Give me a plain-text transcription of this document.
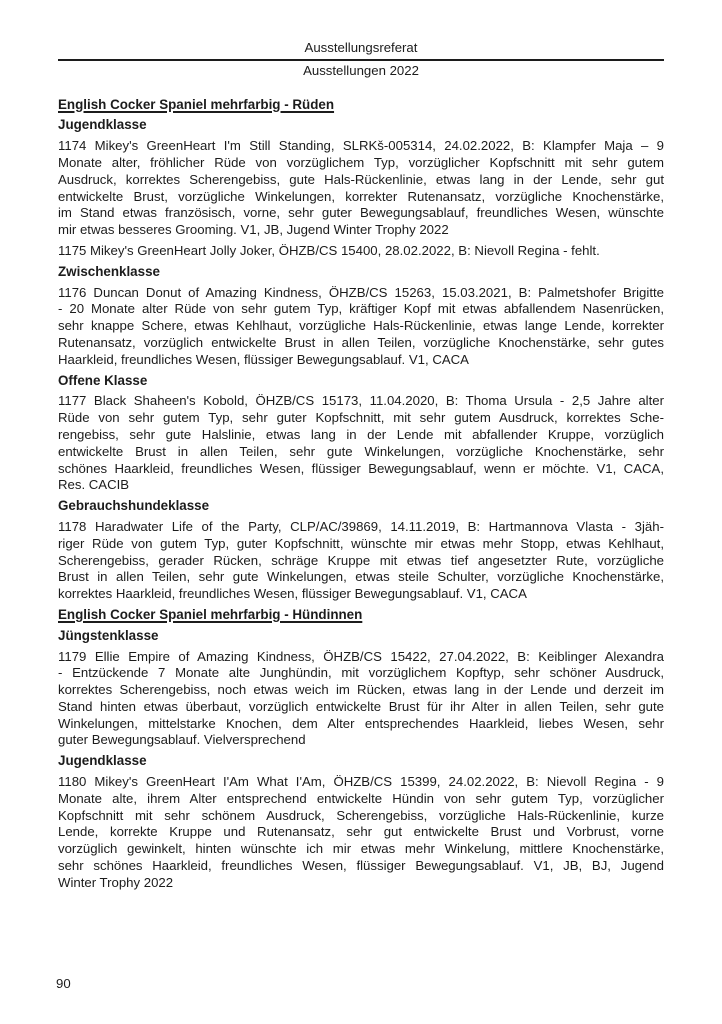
Ausstellungsreferat
Ausstellungen 2022
English Cocker Spaniel mehrfarbig - Rüden
Jugendklasse
1174 Mikey's GreenHeart I'm Still Standing, SLRKš-005314, 24.02.2022, B: Klampfer Maja – 9
Monate alter, fröhlicher Rüde von vorzüglichem Typ, vorzüglicher Kopfschnitt mit sehr gutem
Ausdruck, korrektes Scherengebiss, gute Hals-Rückenlinie, etwas lang in der Lende, sehr gut
entwickelte Brust, vorzügliche Winkelungen, korrekter Rutenansatz, vorzügliche Knochenstärke,
im Stand etwas französisch, vorne, sehr guter Bewegungsablauf, freundliches Wesen, wünschte
mir etwas besseres Grooming. V1, JB, Jugend Winter Trophy 2022
1175 Mikey's GreenHeart Jolly Joker, ÖHZB/CS 15400, 28.02.2022, B: Nievoll Regina - fehlt.
Zwischenklasse
1176 Duncan Donut of Amazing Kindness, ÖHZB/CS 15263, 15.03.2021, B: Palmetshofer Brigitte
- 20 Monate alter Rüde von sehr gutem Typ, kräftiger Kopf mit etwas abfallendem Nasenrücken,
sehr knappe Schere, etwas Kehlhaut, vorzügliche Hals-Rückenlinie, etwas lange Lende, korrekter
Rutenansatz, vorzüglich entwickelte Brust in allen Teilen, vorzügliche Knochenstärke, sehr gutes
Haarkleid, freundliches Wesen, flüssiger Bewegungsablauf. V1, CACA
Offene Klasse
1177 Black Shaheen's Kobold, ÖHZB/CS 15173, 11.04.2020, B: Thoma Ursula - 2,5 Jahre alter
Rüde von sehr gutem Typ, sehr guter Kopfschnitt, mit sehr gutem Ausdruck, korrektes Sche-
rengebiss, sehr gute Halslinie, etwas lang in der Lende mit abfallender Kruppe, vorzüglich
entwickelte Brust in allen Teilen, sehr gute Winkelungen, vorzügliche Knochenstärke, sehr
schönes Haarkleid, freundliches Wesen, flüssiger Bewegungsablauf, wenn er möchte. V1, CACA,
Res. CACIB
Gebrauchshundeklasse
1178 Haradwater Life of the Party, CLP/AC/39869, 14.11.2019, B: Hartmannova Vlasta - 3jäh-
riger Rüde von gutem Typ, guter Kopfschnitt, wünschte mir etwas mehr Stopp, etwas Kehlhaut,
Scherengebiss, gerader Rücken, schräge Kruppe mit etwas tief angesetzter Rute, vorzügliche
Brust in allen Teilen, sehr gute Winkelungen, etwas steile Schulter, vorzügliche Knochenstärke,
korrektes Haarkleid, freundliches Wesen, flüssiger Bewegungsablauf. V1, CACA
English Cocker Spaniel mehrfarbig - Hündinnen
Jüngstenklasse
1179 Ellie Empire of Amazing Kindness, ÖHZB/CS 15422, 27.04.2022, B: Keiblinger Alexandra
- Entzückende 7 Monate alte Junghündin, mit vorzüglichem Kopftyp, sehr schöner Ausdruck,
korrektes Scherengebiss, noch etwas weich im Rücken, etwas lang in der Lende und derzeit im
Stand hinten etwas überbaut, vorzüglich entwickelte Brust für ihr Alter in allen Teilen, sehr gute
Winkelungen, mittelstarke Knochen, dem Alter entsprechendes Haarkleid, liebes Wesen, sehr
guter Bewegungsablauf. Vielversprechend
Jugendklasse
1180 Mikey's GreenHeart I'Am What I'Am, ÖHZB/CS 15399, 24.02.2022, B: Nievoll Regina - 9
Monate alte, ihrem Alter entsprechend entwickelte Hündin von sehr gutem Typ, vorzüglicher
Kopfschnitt mit sehr schönem Ausdruck, Scherengebiss, vorzügliche Hals-Rückenlinie, kurze
Lende, korrekte Kruppe und Rutenansatz, sehr gut entwickelte Brust und Vorbrust, vorne
vorzüglich gewinkelt, hinten wünschte ich mir etwas mehr Winkelung, mittlere Knochenstärke,
sehr schönes Haarkleid, freundliches Wesen, flüssiger Bewegungsablauf. V1, JB, BJ, Jugend
Winter Trophy 2022
90
